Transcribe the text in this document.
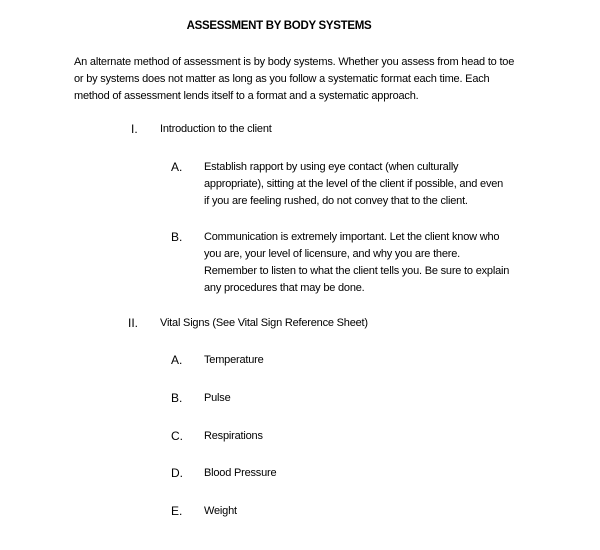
ASSESSMENT BY BODY SYSTEMS

An alternate method of assessment is by body systems. Whether you assess from head to toe
or by systems does not matter as long as you follow a systematic format each time. Each
method of assessment lends itself to a format and a systematic approach.

I. Introduction to the client
A. Establish rapport by using eye contact (when culturally
appropriate), sitting at the level of the client if possible, and even
if you are feeling rushed, do not convey that to the client.

B. Communication is extremely important. Let the client know who
you are, your level of licensure, and why you are there.
Remember to listen to what the client tells you. Be sure to explain
any procedures that may be done.

II. Vital Signs (See Vital Sign Reference Sheet)
A. Temperature

B. Pulse

C. Respirations

D. Blood Pressure

E. Weight
